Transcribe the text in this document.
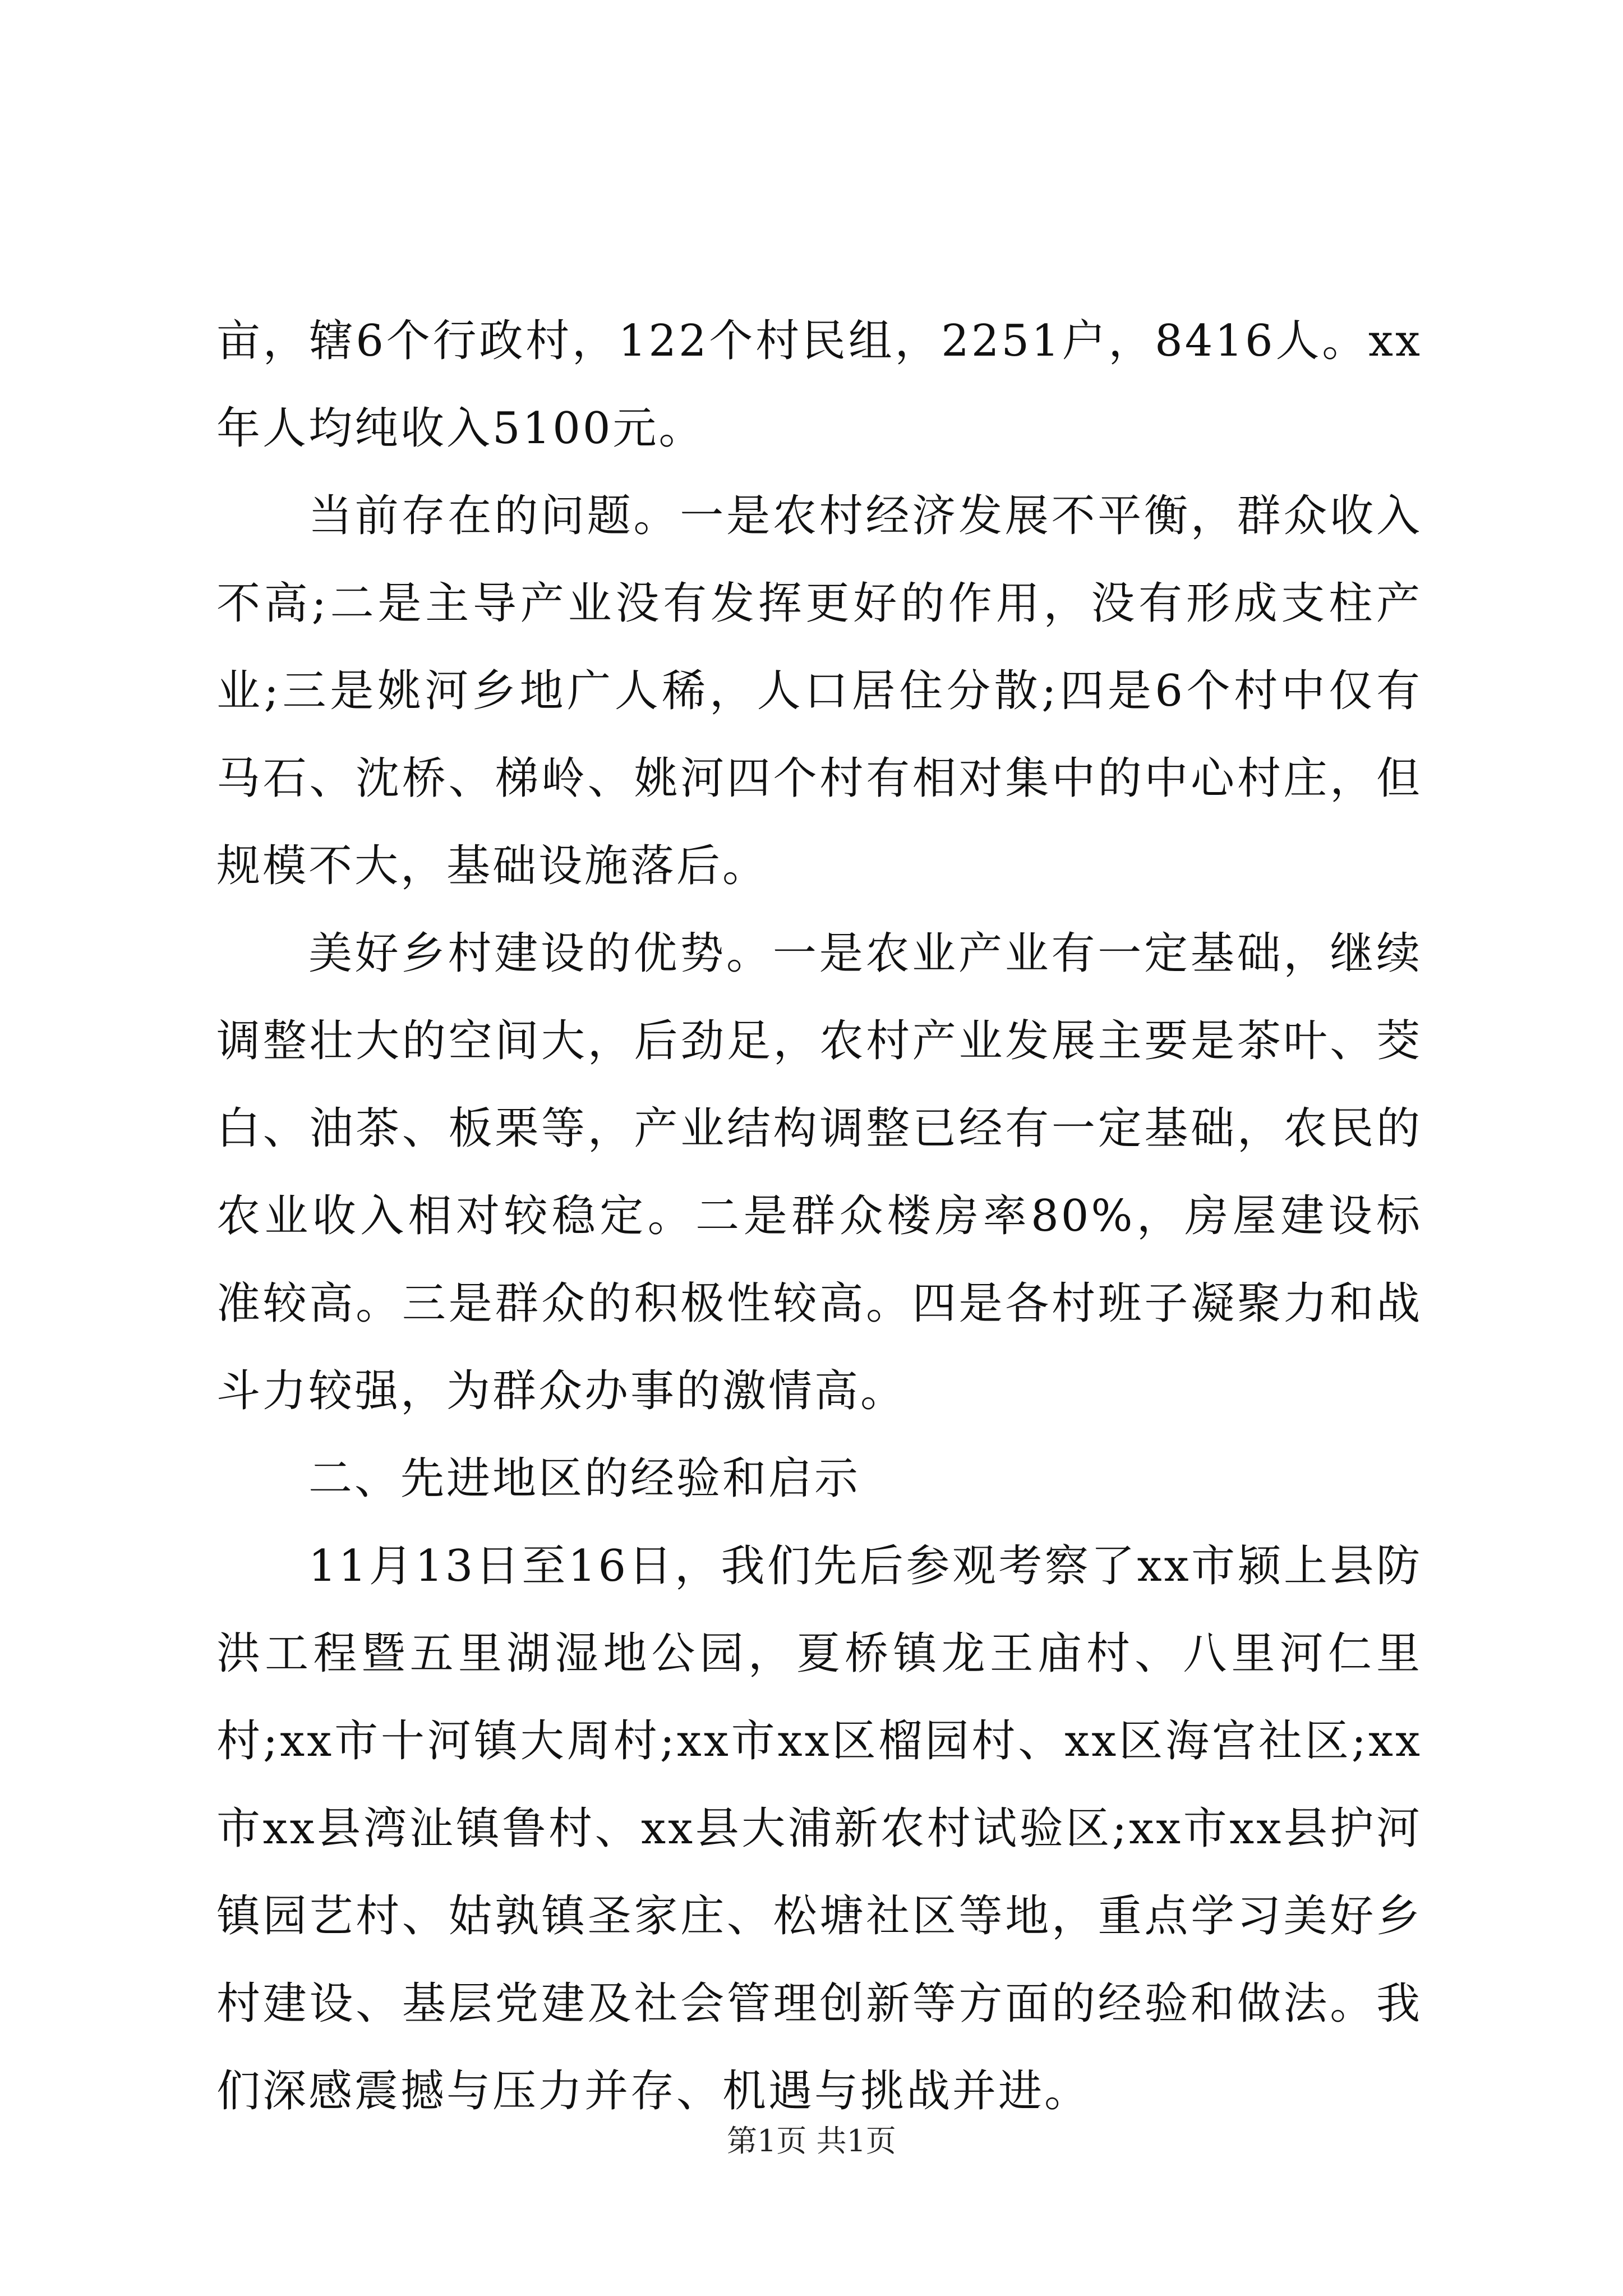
亩，辖6个行政村，122个村民组，2251户，8416人。xx年人均纯收入5100元。

当前存在的问题。一是农村经济发展不平衡，群众收入不高;二是主导产业没有发挥更好的作用，没有形成支柱产业;三是姚河乡地广人稀，人口居住分散;四是6个村中仅有马石、沈桥、梯岭、姚河四个村有相对集中的中心村庄，但规模不大，基础设施落后。

美好乡村建设的优势。一是农业产业有一定基础，继续调整壮大的空间大，后劲足，农村产业发展主要是茶叶、茭白、油茶、板栗等，产业结构调整已经有一定基础，农民的农业收入相对较稳定。二是群众楼房率80%，房屋建设标准较高。三是群众的积极性较高。四是各村班子凝聚力和战斗力较强，为群众办事的激情高。

二、先进地区的经验和启示

11月13日至16日，我们先后参观考察了xx市颍上县防洪工程暨五里湖湿地公园，夏桥镇龙王庙村、八里河仁里村;xx市十河镇大周村;xx市xx区榴园村、xx区海宫社区;xx市xx县湾沚镇鲁村、xx县大浦新农村试验区;xx市xx县护河镇园艺村、姑孰镇圣家庄、松塘社区等地，重点学习美好乡村建设、基层党建及社会管理创新等方面的经验和做法。我们深感震撼与压力并存、机遇与挑战并进。

第1页 共1页
